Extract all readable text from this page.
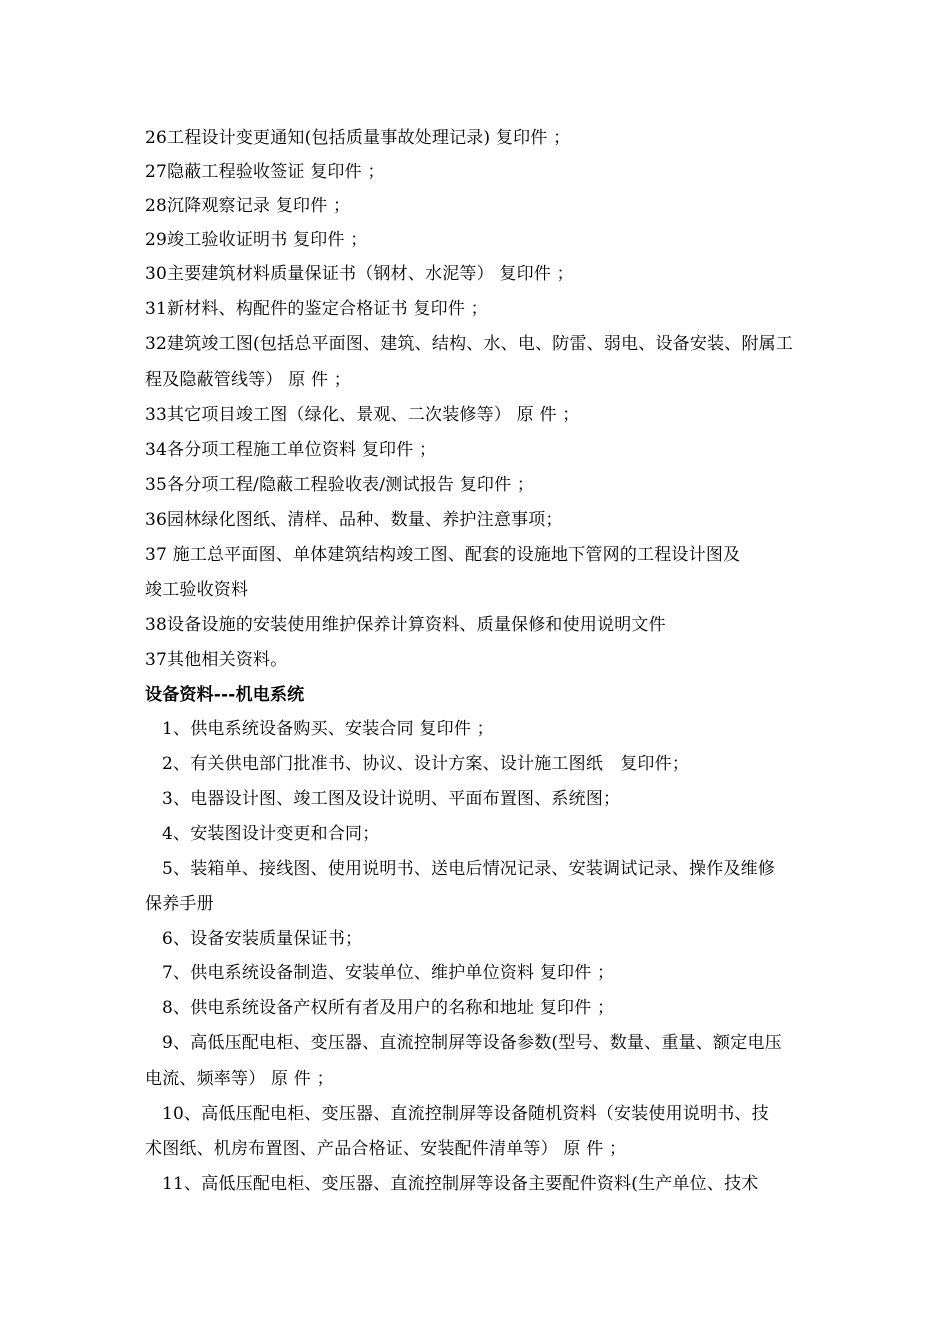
26工程设计变更通知(包括质量事故处理记录) 复印件 ；
27隐蔽工程验收签证 复印件 ；
28沉降观察记录 复印件 ；
29竣工验收证明书 复印件 ；
30主要建筑材料质量保证书（钢材、水泥等） 复印件 ；
31新材料、构配件的鉴定合格证书 复印件 ；
32建筑竣工图(包括总平面图、建筑、结构、水、电、防雷、弱电、设备安装、附属工
程及隐蔽管线等） 原 件 ；
33其它项目竣工图（绿化、景观、二次装修等） 原 件 ；
34各分项工程施工单位资料 复印件 ；
35各分项工程/隐蔽工程验收表/测试报告 复印件 ；
36园林绿化图纸、清样、品种、数量、养护注意事项；
37 施工总平面图、单体建筑结构竣工图、配套的设施地下管网的工程设计图及
竣工验收资料
38设备设施的安装使用维护保养计算资料、质量保修和使用说明文件
37其他相关资料。
设备资料---机电系统
1、供电系统设备购买、安装合同 复印件 ；
2、有关供电部门批准书、协议、设计方案、设计施工图纸　复印件；
3、电器设计图、竣工图及设计说明、平面布置图、系统图；
4、安装图设计变更和合同；
5、装箱单、接线图、使用说明书、送电后情况记录、安装调试记录、操作及维修
保养手册
6、设备安装质量保证书；
7、供电系统设备制造、安装单位、维护单位资料 复印件 ；
8、供电系统设备产权所有者及用户的名称和地址 复印件 ；
9、高低压配电柜、变压器、直流控制屏等设备参数(型号、数量、重量、额定电压
电流、频率等） 原 件 ；
10、高低压配电柜、变压器、直流控制屏等设备随机资料（安装使用说明书、技
术图纸、机房布置图、产品合格证、安装配件清单等） 原 件 ；
11、高低压配电柜、变压器、直流控制屏等设备主要配件资料(生产单位、技术
